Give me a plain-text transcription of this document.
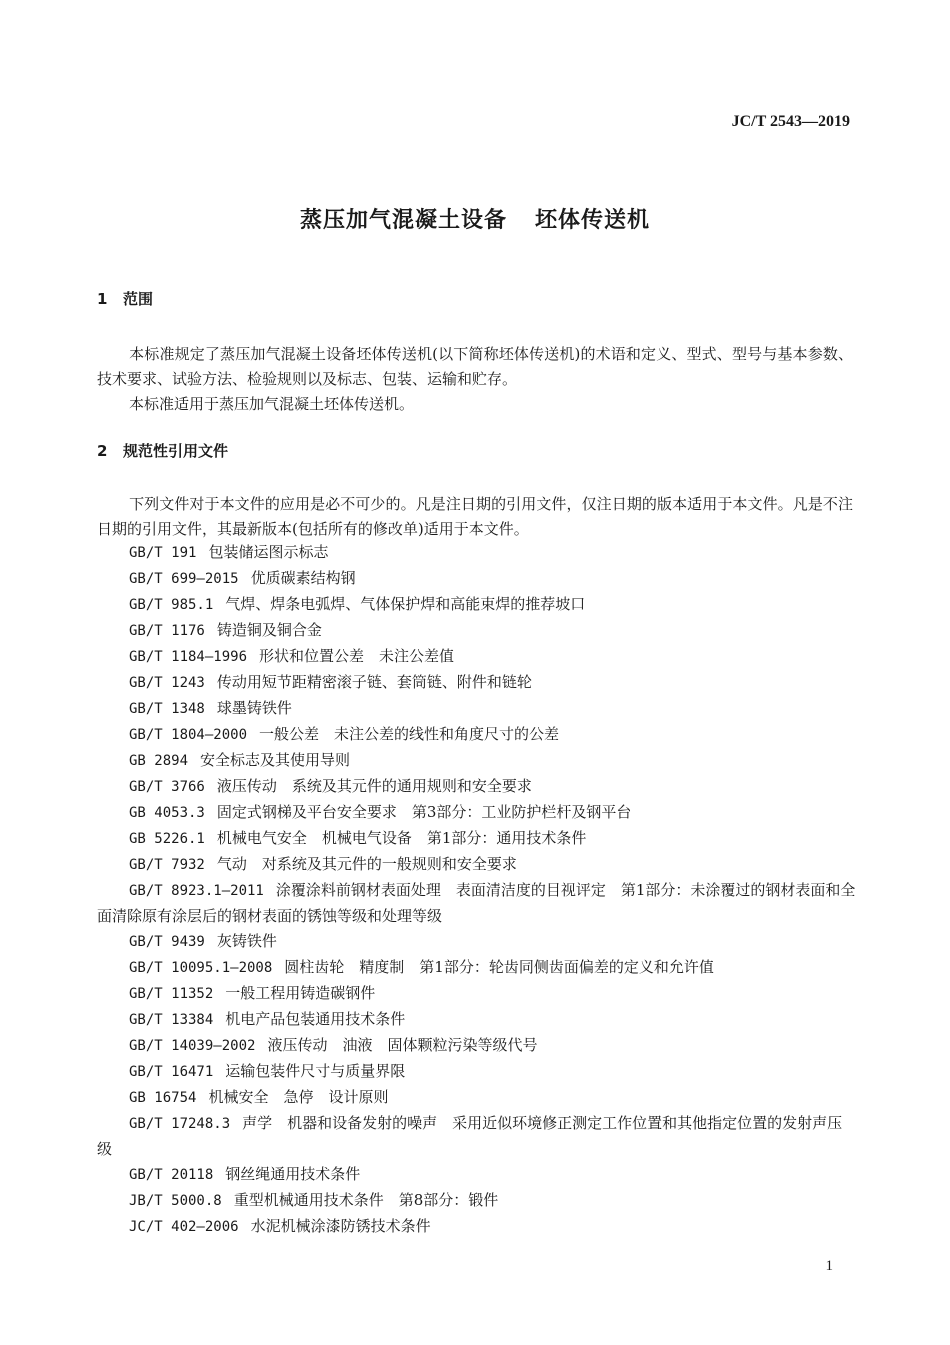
JC/T 2543—2019
蒸压加气混凝土设备 坯体传送机
1 范围
本标准规定了蒸压加气混凝土设备坯体传送机(以下简称坯体传送机)的术语和定义、型式、型号与基本参数、技术要求、试验方法、检验规则以及标志、包装、运输和贮存。
本标准适用于蒸压加气混凝土坯体传送机。
2 规范性引用文件
下列文件对于本文件的应用是必不可少的。凡是注日期的引用文件，仅注日期的版本适用于本文件。凡是不注日期的引用文件，其最新版本(包括所有的修改单)适用于本文件。
GB/T 191 包装储运图示标志
GB/T 699—2015 优质碳素结构钢
GB/T 985.1 气焊、焊条电弧焊、气体保护焊和高能束焊的推荐坡口
GB/T 1176 铸造铜及铜合金
GB/T 1184—1996 形状和位置公差　未注公差值
GB/T 1243 传动用短节距精密滚子链、套筒链、附件和链轮
GB/T 1348 球墨铸铁件
GB/T 1804—2000 一般公差　未注公差的线性和角度尺寸的公差
GB 2894 安全标志及其使用导则
GB/T 3766 液压传动　系统及其元件的通用规则和安全要求
GB 4053.3 固定式钢梯及平台安全要求　第3部分：工业防护栏杆及钢平台
GB 5226.1 机械电气安全　机械电气设备　第1部分：通用技术条件
GB/T 7932 气动　对系统及其元件的一般规则和安全要求
GB/T 8923.1—2011 涂覆涂料前钢材表面处理　表面清洁度的目视评定　第1部分：未涂覆过的钢材表面和全面清除原有涂层后的钢材表面的锈蚀等级和处理等级
GB/T 9439 灰铸铁件
GB/T 10095.1—2008 圆柱齿轮　精度制　第1部分：轮齿同侧齿面偏差的定义和允许值
GB/T 11352 一般工程用铸造碳钢件
GB/T 13384 机电产品包装通用技术条件
GB/T 14039—2002 液压传动　油液　固体颗粒污染等级代号
GB/T 16471 运输包装件尺寸与质量界限
GB 16754 机械安全　急停　设计原则
GB/T 17248.3 声学　机器和设备发射的噪声　采用近似环境修正测定工作位置和其他指定位置的发射声压级
GB/T 20118 钢丝绳通用技术条件
JB/T 5000.8 重型机械通用技术条件　第8部分：锻件
JC/T 402—2006 水泥机械涂漆防锈技术条件
1
